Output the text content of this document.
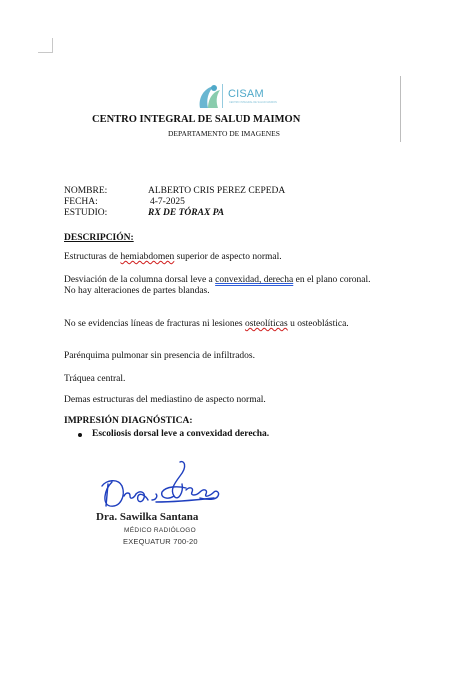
CISAM
CENTRO INTEGRAL DE SALUD MAIMON
CENTRO INTEGRAL DE SALUD MAIMON
DEPARTAMENTO DE IMAGENES
NOMBRE:	ALBERTO CRIS PEREZ CEPEDA
FECHA:	4-7-2025
ESTUDIO:	RX DE TÓRAX PA
DESCRIPCIÓN:
Estructuras de hemiabdomen superior de aspecto normal.
Desviación de la columna dorsal leve a convexidad, derecha en el plano coronal.
No hay alteraciones de partes blandas.
No se evidencias líneas de fracturas ni lesiones osteolíticas u osteoblástica.
Parénquima pulmonar sin presencia de infiltrados.
Tráquea central.
Demas estructuras del mediastino de aspecto normal.
IMPRESIÓN DIAGNÓSTICA:
Escoliosis dorsal leve a convexidad derecha.
Dra. Sawilka Santana
MÉDICO RADIÓLOGO
EXEQUATUR 700-20
